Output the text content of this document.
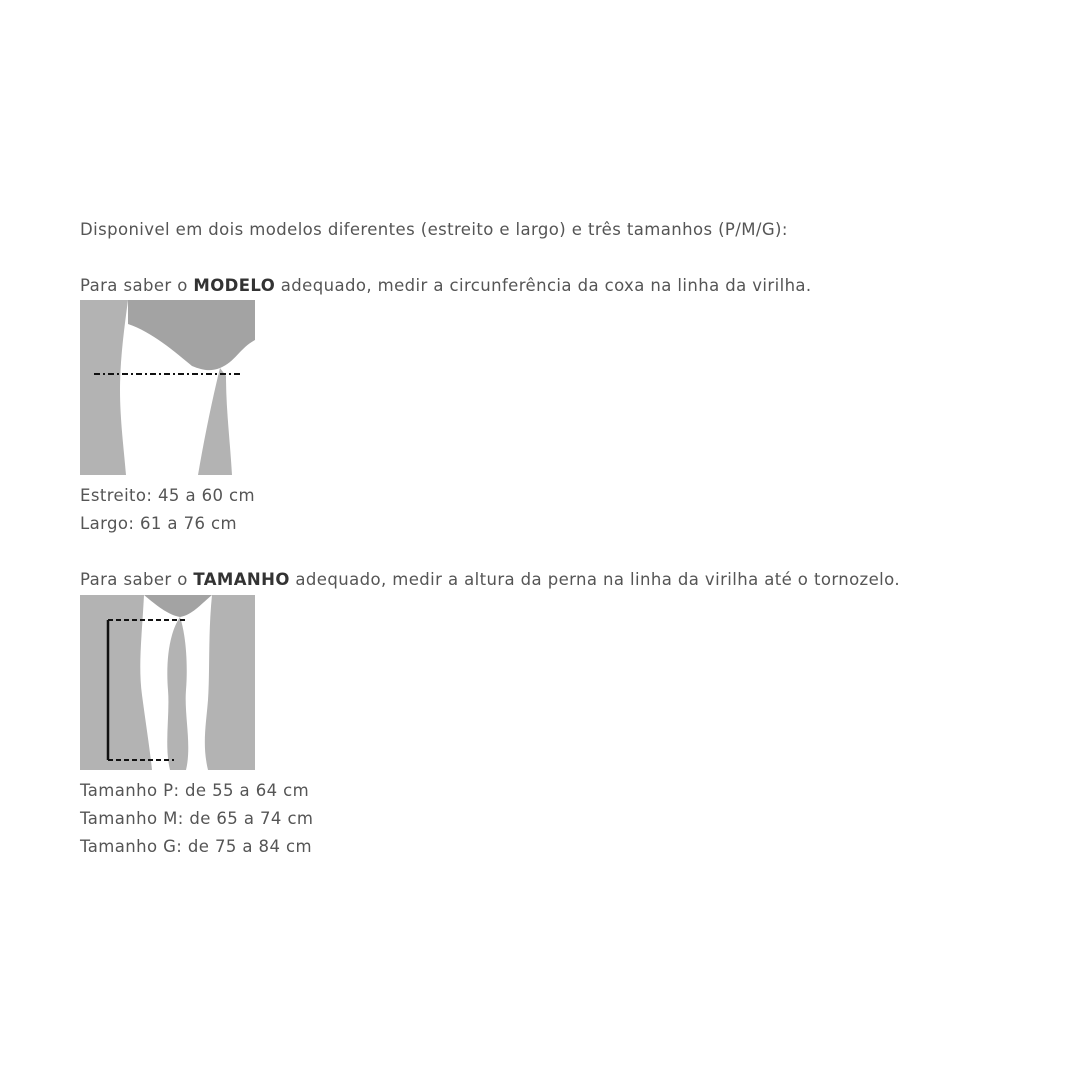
Disponivel em dois modelos diferentes (estreito e largo) e três tamanhos (P/M/G):
Para saber o MODELO adequado, medir a circunferência da coxa na linha da virilha.
Estreito: 45 a 60 cm
Largo: 61 a 76 cm
Para saber o TAMANHO adequado, medir a altura da perna na linha da virilha até o tornozelo.
Tamanho P: de 55 a 64 cm
Tamanho M: de 65 a 74 cm
Tamanho G: de 75 a 84 cm
